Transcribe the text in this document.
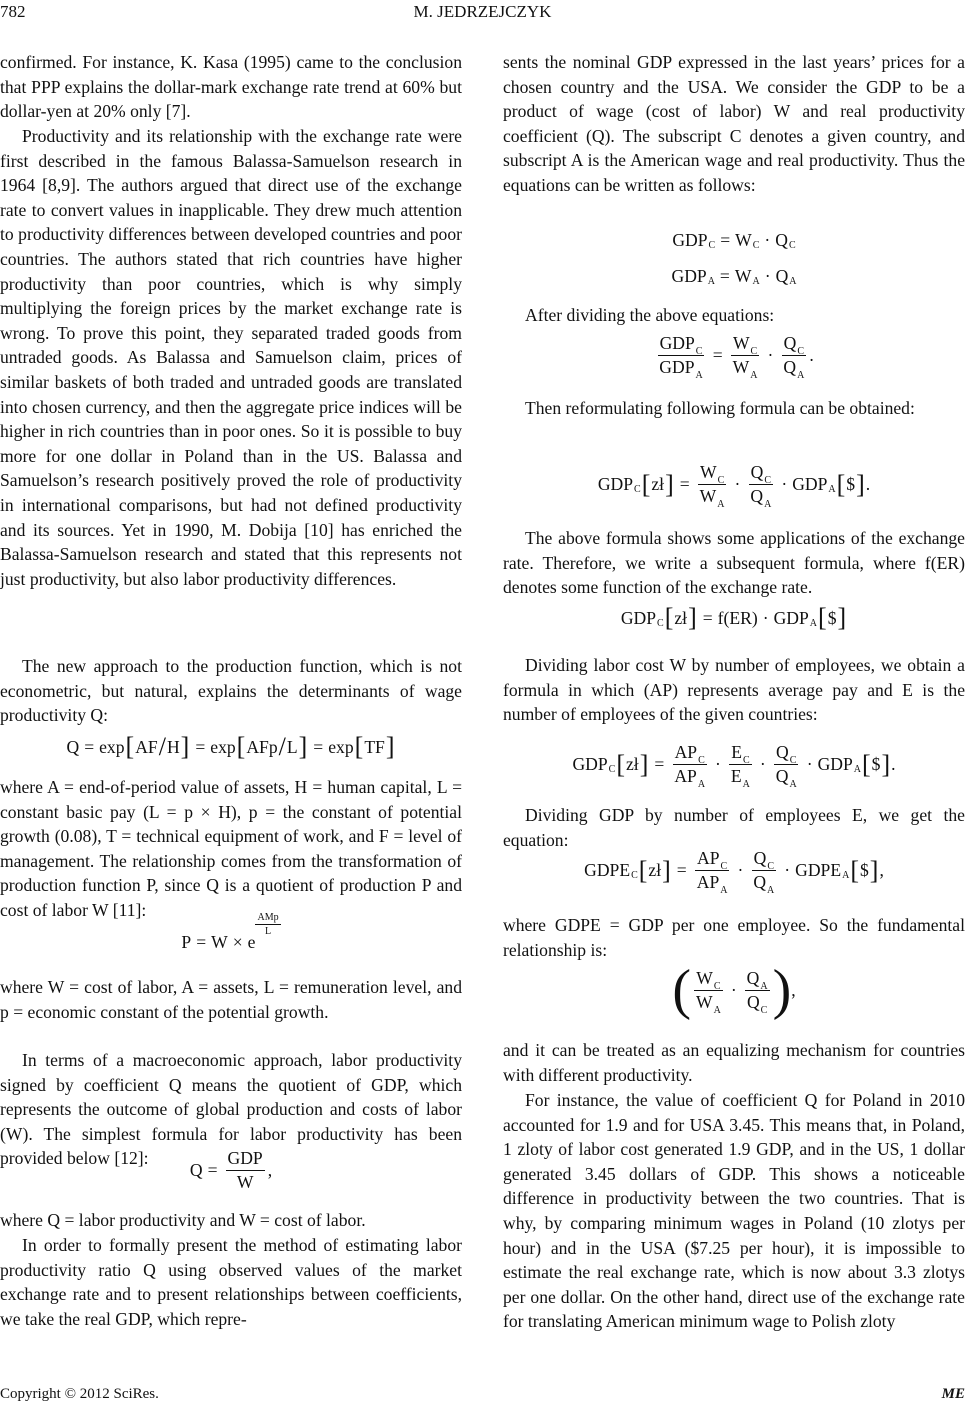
782	M. JEDRZEJCZYK

confirmed. For instance, K. Kasa (1995) came to the conclusion that PPP explains the dollar-mark exchange rate trend at 60% but dollar-yen at 20% only [7].

Productivity and its relationship with the exchange rate were first described in the famous Balassa-Samuelson research in 1964 [8,9]. The authors argued that direct use of the exchange rate to convert values in inapplicable. They drew much attention to productivity differences between developed countries and poor countries. The authors stated that rich countries have higher productivity than poor countries, which is why simply multiplying the foreign prices by the market exchange rate is wrong. To prove this point, they separated traded goods from untraded goods. As Balassa and Samuelson claim, prices of similar baskets of both traded and untraded goods are translated into chosen currency, and then the aggregate price indices will be higher in rich countries than in poor ones. So it is possible to buy more for one dollar in Poland than in the US. Balassa and Samuelson’s research positively proved the role of productivity in international comparisons, but had not defined productivity and its sources. Yet in 1990, M. Dobija [10] has enriched the Balassa-Samuelson research and stated that this represents not just productivity, but also labor productivity differences.

The new approach to the production function, which is not econometric, but natural, explains the determinants of wage productivity Q:

Q = exp [ AF / H ] = exp [ AFp / L ] = exp [ TF ]

where A = end-of-period value of assets, H = human capital, L = constant basic pay (L = p × H), p = the constant of potential growth (0.08), T = technical equipment of work, and F = level of management. The relationship comes from the transformation of production function P, since Q is a quotient of production P and cost of labor W [11]:

P = W × e
$\frac{\text{AMp}}{L}$

where W = cost of labor, A = assets, L = remuneration level, and p = economic constant of the potential growth.

In terms of a macroeconomic approach, labor productivity signed by coefficient Q means the quotient of GDP, which represents the outcome of global production and costs of labor (W). The simplest formula for labor productivity has been provided below [12]:

$Q = \frac{\text{GDP}}{W}$ ,

where Q = labor productivity and W = cost of labor.

In order to formally present the method of estimating labor productivity ratio Q using observed values of the market exchange rate and to present relationships between coefficients, we take the real GDP, which repre-

sents the nominal GDP expressed in the last years’ prices for a chosen country and the USA. We consider the GDP to be a product of wage (cost of labor) W and real productivity coefficient (Q). The subscript C denotes a given country, and subscript A is the American wage and real productivity. Thus the equations can be written as follows:

GDP C = W C · Q C
GDP A = W A · Q A

After dividing the above equations:

$\frac{GDP_C}{GDP_A} = \frac{W_C}{W_A} \cdot \frac{Q_C}{Q_A}$ .

Then reformulating following formula can be obtained:

GDP C [ zł ] = $\frac{W_C}{W_A} \cdot \frac{Q_C}{Q_A}$ · GDP A [ $ ] .

The above formula shows some applications of the exchange rate. Therefore, we write a subsequent formula, where f(ER) denotes some function of the exchange rate.

GDP C [ zł ] = f(ER) · GDP A [ $ ]

Dividing labor cost W by number of employees, we obtain a formula in which (AP) represents average pay and E is the number of employees of the given countries:

GDP C [ zł ] = $\frac{AP_C}{AP_A} \cdot \frac{E_C}{E_A} \cdot \frac{Q_C}{Q_A}$ · GDP A [ $ ] .

Dividing GDP by number of employees E, we get the equation:

GDPE C [ zł ] = $\frac{AP_C}{AP_A} \cdot \frac{Q_C}{Q_A}$ · GDPE A [ $ ] ,

where GDPE = GDP per one employee. So the fundamental relationship is:

( $\frac{W_C}{W_A} \cdot \frac{Q_A}{Q_C}$ ) ,

and it can be treated as an equalizing mechanism for countries with different productivity.

For instance, the value of coefficient Q for Poland in 2010 accounted for 1.9 and for USA 3.45. This means that, in Poland, 1 zloty of labor cost generated 1.9 GDP, and in the US, 1 dollar generated 3.45 dollars of GDP. This shows a noticeable difference in productivity between the two countries. That is why, by comparing minimum wages in Poland (10 zlotys per hour) and in the USA ($7.25 per hour), it is impossible to estimate the real exchange rate, which is now about 3.3 zlotys per one dollar. On the other hand, direct use of the exchange rate for translating American minimum wage to Polish zloty

Copyright © 2012 SciRes.	ME
